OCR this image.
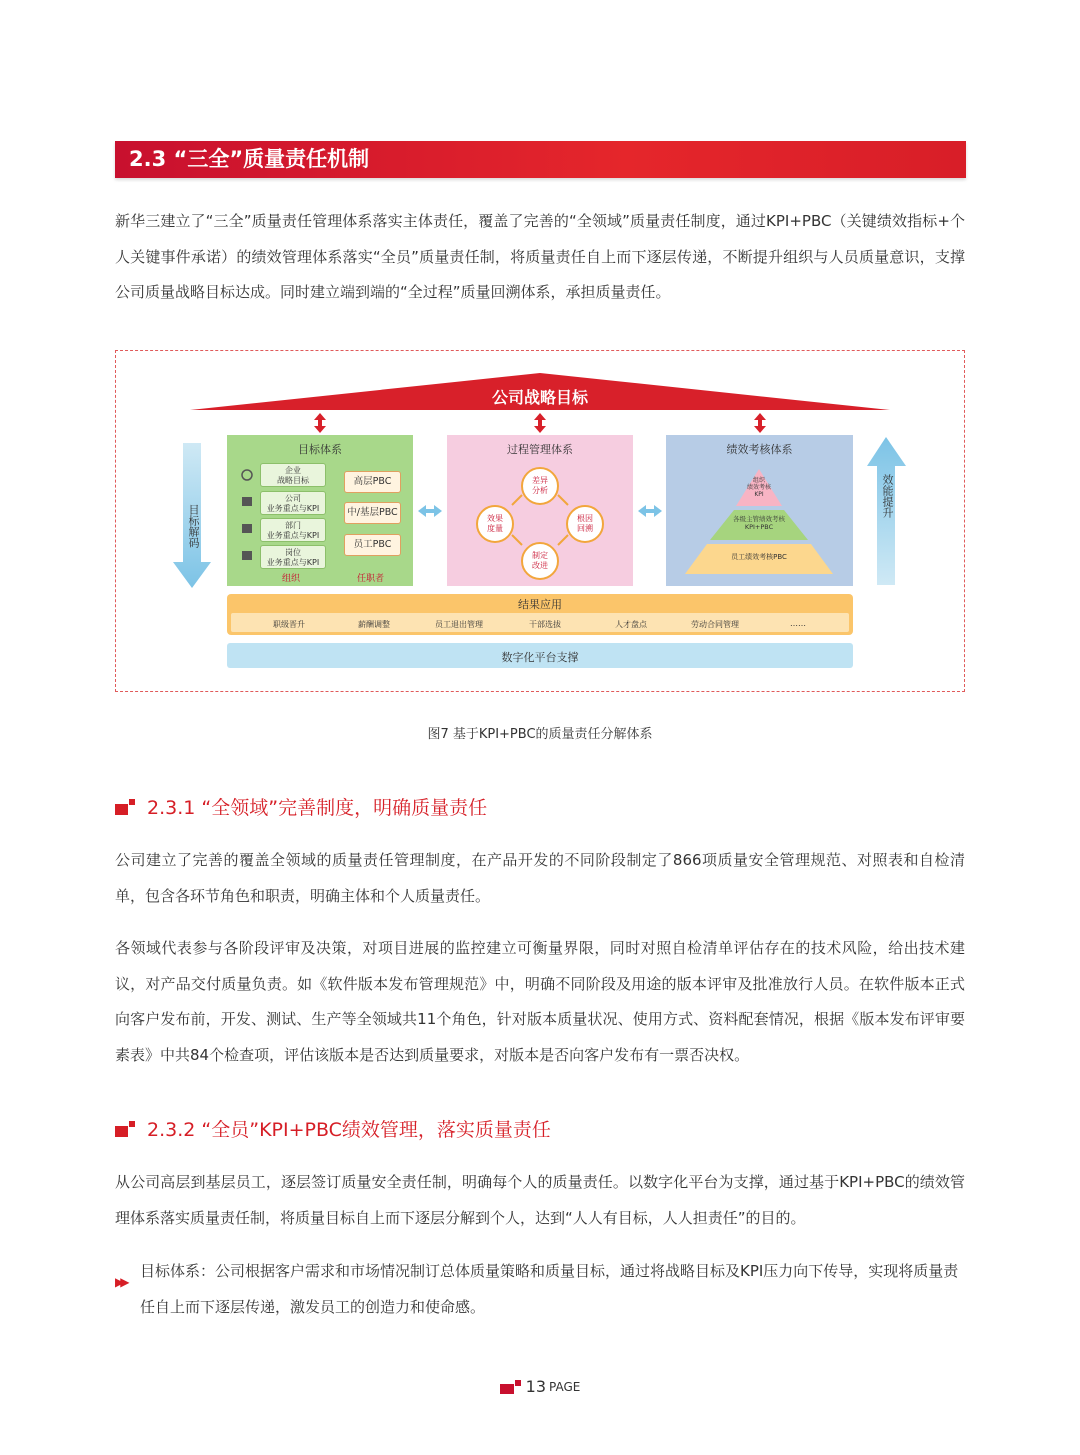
2.3 “三全”质量责任机制
新华三建立了“三全”质量责任管理体系落实主体责任，覆盖了完善的“全领域”质量责任制度，通过KPI+PBC（关键绩效指标+个人关键事件承诺）的绩效管理体系落实“全员”质量责任制，将质量责任自上而下逐层传递，不断提升组织与人员质量意识，支撑公司质量战略目标达成。同时建立端到端的“全过程”质量回溯体系，承担质量责任。
公司战略目标
目标解码
效能提升
目标体系
企业
战略目标
公司
业务重点与KPI
部门
业务重点与KPI
岗位
业务重点与KPI
高层PBC
中/基层PBC
员工PBC
组织	任职者
过程管理体系
差异
分析
根因
回溯
制定
改进
效果
度量
绩效考核体系
组织
绩效考核
KPI
各级主管绩效考核
KPI+PBC
员工绩效考核PBC
结果应用
职级晋升	薪酬调整	员工退出管理	干部选拔	人才盘点	劳动合同管理	……
数字化平台支撑
图7 基于KPI+PBC的质量责任分解体系
2.3.1 “全领域”完善制度，明确质量责任
公司建立了完善的覆盖全领域的质量责任管理制度，在产品开发的不同阶段制定了866项质量安全管理规范、对照表和自检清单，包含各环节角色和职责，明确主体和个人质量责任。
各领域代表参与各阶段评审及决策，对项目进展的监控建立可衡量界限，同时对照自检清单评估存在的技术风险，给出技术建议，对产品交付质量负责。如《软件版本发布管理规范》中，明确不同阶段及用途的版本评审及批准放行人员。在软件版本正式向客户发布前，开发、测试、生产等全领域共11个角色，针对版本质量状况、使用方式、资料配套情况，根据《版本发布评审要素表》中共84个检查项，评估该版本是否达到质量要求，对版本是否向客户发布有一票否决权。
2.3.2 “全员”KPI+PBC绩效管理，落实质量责任
从公司高层到基层员工，逐层签订质量安全责任制，明确每个人的质量责任。以数字化平台为支撑，通过基于KPI+PBC的绩效管理体系落实质量责任制，将质量目标自上而下逐层分解到个人，达到“人人有目标，人人担责任”的目的。
▶▶
目标体系：公司根据客户需求和市场情况制订总体质量策略和质量目标，通过将战略目标及KPI压力向下传导，实现将质量责任自上而下逐层传递，激发员工的创造力和使命感。
13 PAGE
